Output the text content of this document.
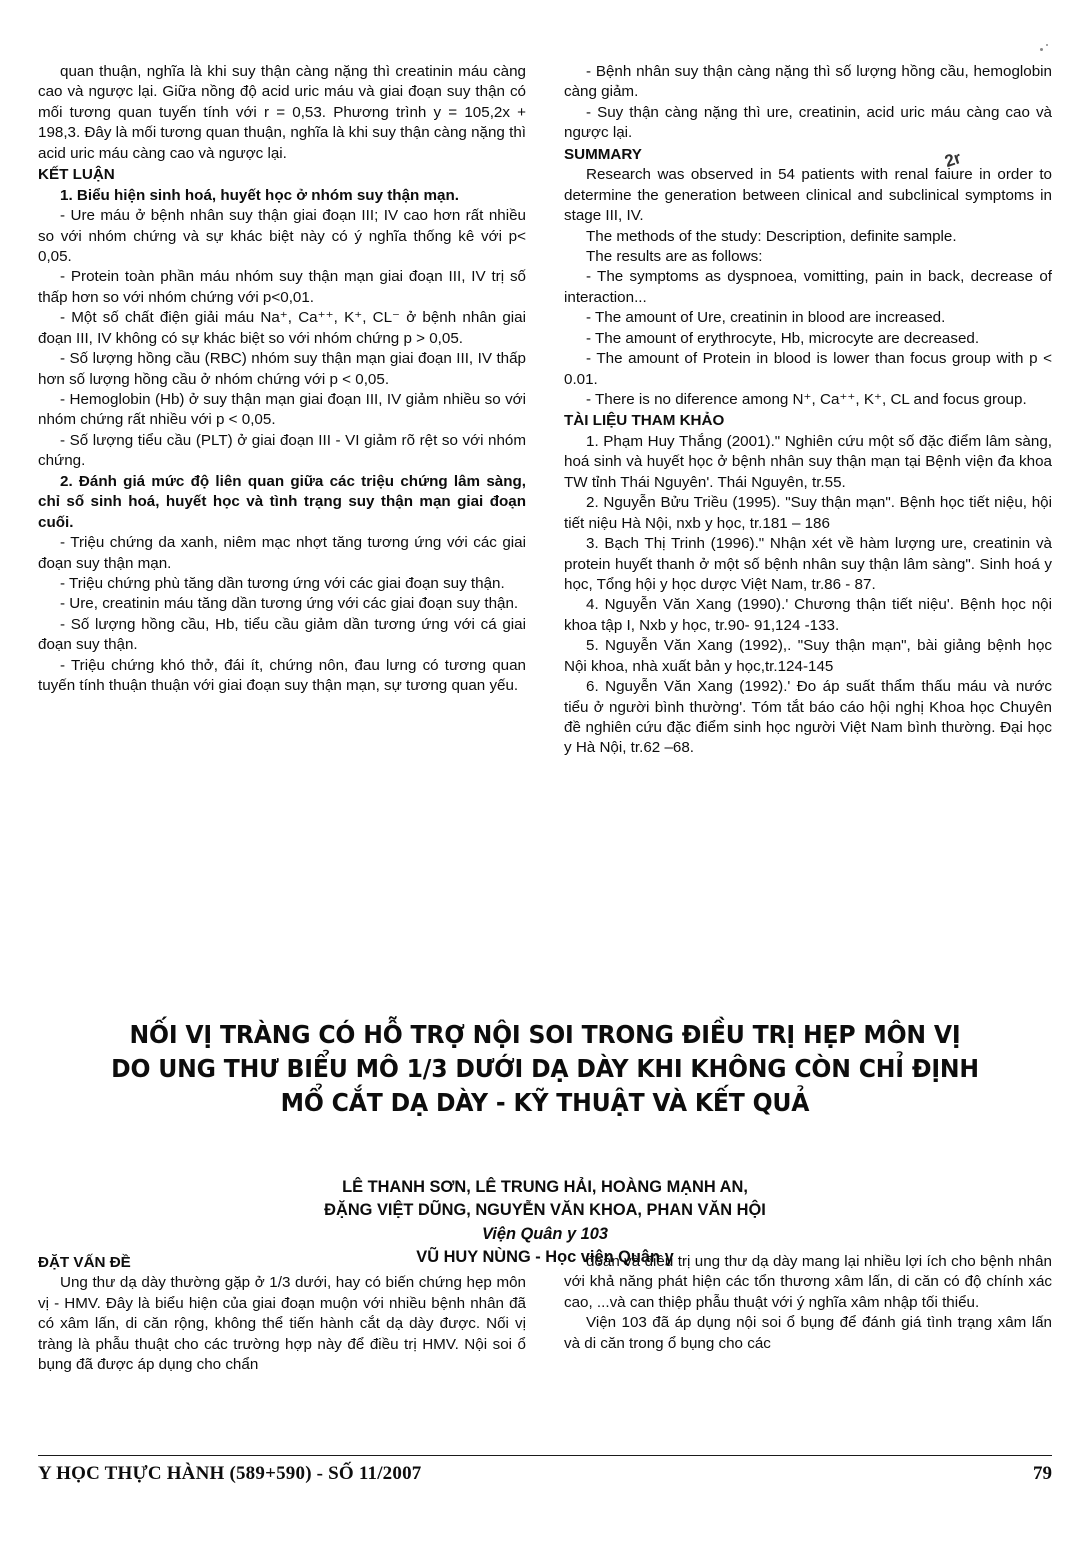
2r

quan thuận, nghĩa là khi suy thận càng nặng thì creatinin máu càng cao và ngược lại. Giữa nồng độ acid uric máu và giai đoạn suy thận có mối tương quan tuyến tính với r = 0,53. Phương trình y = 105,2x + 198,3. Đây là mối tương quan thuận, nghĩa là khi suy thận càng nặng thì acid uric máu càng cao và ngược lại.

KẾT LUẬN

1. Biểu hiện sinh hoá, huyết học ở nhóm suy thận mạn.

- Ure máu ở bệnh nhân suy thận giai đoạn III; IV cao hơn rất nhiều so với nhóm chứng và sự khác biệt này có ý nghĩa thống kê với p< 0,05.

- Protein toàn phần máu nhóm suy thận mạn giai đoạn III, IV trị số thấp hơn so với nhóm chứng với p<0,01.

- Một số chất điện giải máu Na⁺, Ca⁺⁺, K⁺, CL⁻ ở bệnh nhân giai đoạn III, IV không có sự khác biệt so với nhóm chứng p > 0,05.

- Số lượng hồng cầu (RBC) nhóm suy thận mạn giai đoạn III, IV thấp hơn số lượng hồng cầu ở nhóm chứng với p < 0,05.

- Hemoglobin (Hb) ở suy thận mạn giai đoạn III, IV giảm nhiều so với nhóm chứng rất nhiều với p < 0,05.

- Số lượng tiểu cầu (PLT) ở giai đoạn III - VI giảm rõ rệt so với nhóm chứng.

2. Đánh giá mức độ liên quan giữa các triệu chứng lâm sàng, chỉ số sinh hoá, huyết học và tình trạng suy thận mạn giai đoạn cuối.

- Triệu chứng da xanh, niêm mạc nhợt tăng tương ứng với các giai đoạn suy thận mạn.

- Triệu chứng phù tăng dần tương ứng với các giai đoạn suy thận.

- Ure, creatinin máu tăng dần tương ứng với các giai đoạn suy thận.

- Số lượng hồng cầu, Hb, tiểu cầu giảm dần tương ứng với cá giai đoạn suy thận.

- Triệu chứng khó thở, đái ít, chứng nôn, đau lưng có tương quan tuyến tính thuận thuận với giai đoạn suy thận mạn, sự tương quan yếu.

- Bệnh nhân suy thận càng nặng thì số lượng hồng cầu, hemoglobin càng giảm.

- Suy thận càng nặng thì ure, creatinin, acid uric máu càng cao và ngược lại.

SUMMARY

Research was observed in 54 patients with renal faiure in order to determine the generation between clinical and subclinical symptoms in stage III, IV.

The methods of the study: Description, definite sample.

The results are as follows:

- The symptoms as dyspnoea, vomitting, pain in back, decrease of interaction...

- The amount of Ure, creatinin in blood are increased.

- The amount of erythrocyte, Hb, microcyte are decreased.

- The amount of Protein in blood is lower than focus group with p < 0.01.

- There is no diference among N⁺, Ca⁺⁺, K⁺, CL and focus group.

TÀI LIỆU THAM KHẢO

1. Phạm Huy Thắng (2001)." Nghiên cứu một số đặc điểm lâm sàng, hoá sinh và huyết học ở bệnh nhân suy thận mạn tại Bệnh viện đa khoa TW tỉnh Thái Nguyên'. Thái Nguyên, tr.55.

2. Nguyễn Bửu Triều (1995). "Suy thận mạn". Bệnh học tiết niệu, hội tiết niệu Hà Nội, nxb y học, tr.181 – 186

3. Bạch Thị Trinh (1996)." Nhận xét về hàm lượng ure, creatinin và protein huyết thanh ở một số bệnh nhân suy thận lâm sàng". Sinh hoá y học, Tổng hội y học dược Việt Nam, tr.86 - 87.

4. Nguyễn Văn Xang (1990).' Chương thận tiết niệu'. Bệnh học nội khoa tập I, Nxb y học, tr.90- 91,124 -133.

5. Nguyễn Văn Xang (1992),. "Suy thận mạn", bài giảng bệnh học Nội khoa, nhà xuất bản y học,tr.124-145

6. Nguyễn Văn Xang (1992).' Đo áp suất thẩm thấu máu và nước tiểu ở người bình thường'. Tóm tắt báo cáo hội nghị Khoa học Chuyên đề nghiên cứu đặc điểm sinh học người Việt Nam bình thường. Đại học y Hà Nội, tr.62 –68.

NỐI VỊ TRÀNG CÓ HỖ TRỢ NỘI SOI TRONG ĐIỀU TRỊ HẸP MÔN VỊ
DO UNG THƯ BIỂU MÔ 1/3 DƯỚI DẠ DÀY KHI KHÔNG CÒN CHỈ ĐỊNH
MỔ CẮT DẠ DÀY - KỸ THUẬT VÀ KẾT QUẢ
LÊ THANH SƠN, LÊ TRUNG HẢI, HOÀNG MẠNH AN,
ĐẶNG VIỆT DŨNG, NGUYỄN VĂN KHOA, PHAN VĂN HỘI
Viện Quân y 103
VŨ HUY NÙNG - Học viện Quân y

ĐẶT VẤN ĐỀ

Ung thư dạ dày thường gặp ở 1/3 dưới, hay có biến chứng hẹp môn vị - HMV. Đây là biểu hiện của giai đoạn muộn với nhiều bệnh nhân đã có xâm lấn, di căn rộng, không thể tiến hành cắt dạ dày được. Nối vị tràng là phẫu thuật cho các trường hợp này để điều trị HMV. Nội soi ổ bụng đã được áp dụng cho chẩn

đoán và điều trị ung thư dạ dày mang lại nhiều lợi ích cho bệnh nhân với khả năng phát hiện các tổn thương xâm lấn, di căn có độ chính xác cao, ...và can thiệp phẫu thuật với ý nghĩa xâm nhập tối thiểu.

Viện 103 đã áp dụng nội soi ổ bụng để đánh giá tình trạng xâm lấn và di căn trong ổ bụng cho các

Y HỌC THỰC HÀNH (589+590) - SỐ 11/2007	79
